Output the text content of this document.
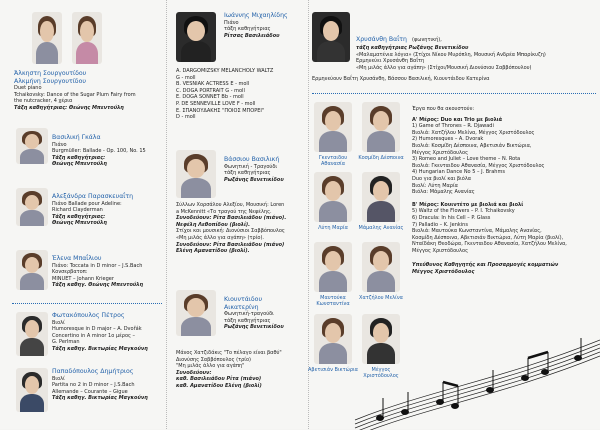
Άλκηστη Σουργουτίδου
Αλκμήνη Σουργουτίδου
Duet piano
Tchaikovsky: Dance of the Sugar Plum Fairy from
the nutcracker, 4 χέρια
Τάξη καθηγήτριας: Θεώνης Μπεντούλη
Βασιλική Γκάλα
Πιάνο
Burgmüller: Ballade - Op. 100, No. 15
Τάξη καθηγήτριας:
Θεώνης Μπεντούλη
Αλεξάνδρα Παρασκευαΐτη
Πιάνο Ballade pour Adeline:
Richard Clayderman
Τάξη καθηγήτριας:
Θεώνης Μπεντούλη
Έλενα Μπαΐλιου
Πιάνο: Toccata in D minor – J.S.Bach
Κονσερβατοπ:
MINUET – Johann Krieger
Τάξη καθηγ. Θεώνης Μπεντούλη
Φωτακόπουλος Πέτρος
Βιολί
Humoresque in D major – A. Dvořák
Concertino in A minor 1ο μέρος –
G. Perlman
Τάξη καθηγ. Βικτωρίας Μαγκούνη
Παπαδόπουλος Δημήτριος
Βιολί
Partita no 2 in D minor – J.S.Bach
Allemande – Courante – Gigue
Τάξη καθηγ. Βικτωρίας Μαγκούνη
Ιωάννης Μιχαηλίδης
Πιάνο
τάξη καθηγήτριας
Ρίτσας Βασιλειάδου
A. DARGOMIZSKY MELANCHOLY WALTZ
G - moll
B. VESNIAK ACTRESS E - moll
C. DOGA PORTRAIT G - moll
E. DOGA SONNET Bb - moll
P. DE SENNEVILLE LOVE F - moll
E. ΣΠΑΝΟΥΔΑΚΗΣ "ΠΟΙΟΣ ΜΠΟΡΕΙ"
D - moll
Βάσσιου Βασιλική
Φωνητική - Τραγούδι
τάξη καθηγήτριας
Ρωξάνης Βενετικίδου
Σύλλων Χορσάλου Αλεξίου, Μουσική: Loren
a McKennitt «Το τραγού της Νεφέλης.
Συνοδεύουν: Ρίτα Βασιλειάδου (πιάνο).
Νεφέλη Λεθοπίδου (βιολί).
Στίχοι και μουσική: Διονύσιοι Σαββόπουλος
«Μη μιλάς άλλο για αγάπη» (τρίο).
Συνοδεύουν: Ρίτα Βασιλειάδου (πιάνο)
Ελένη Αμανατίδου (βιολί).
Κιουντάιδου
Αικατερίνη
Φωνητική-τραγούδι
τάξη καθηγήτριας
Ρωξάνης Βενετικίδου
Μάνος Χατζιδάκις "Το πέλαγο είναι βαθύ"
Διονύσης Σαββόπουλος (τρίο)
"Μη μιλάς άλλο για αγάπη"
Συνοδεύουν:
καθ. Βασιλειάδου Ρίτα (πιάνο)
καθ. Αμανατίδου Ελένη (βιολί)
Χρυσάνθη Βαΐτη (φωνητική),
τάξη καθηγήτριας Ρωξάνης Βενετικίδου
«Μαλαματένια λόγια» (Στίχοι Νίκου Μυρόπλη, Μουσική Ανδρέα Μπαρίκυζη)
Ερμηνεύει Χρυσάνθη Βαΐτη
«Μη μιλάς άλλο για αγάπη» (Στίχοι/Μουσική Διονύσιου Σαββόπουλου)
Ερμηνεύουν Βαΐτη Χρυσάνθη, Βάσσου Βασιλική, Κιουντάιδου Κατερίνα
Γκενταιδου Αθανασία
Κοσμίδη Δέσποινα
Λύτη Μαρία	Μάμαλης Ανανίας
Μαυτούκα Κωνσταντίνα
Χατζήλου Μελίνα
Αβετισιάν Βικτώρια	Μέγγος Χριστόδουλος
Έργα που θα ακουστούν:
Α' Μέρος: Duo και Trio με βιολιά
1) Game of Thrones – R. Djawadi
Βιολιά: Χατζήλου Μελίνα, Μέγγος Χριστόδουλος
2) Humoresques – A. Dvorak
Βιολιά: Κοσμίδη Δέσποινα, Αβετισιάν Βικτώρια,
Μέγγος Χριστόδουλος
3) Romeo and Juliet – Love theme – N. Rota
Βιολιά: Γκενταιδου Αθανασία, Μέγγος Χριστόδουλος
4) Hungarian Dance No 5 – J. Brahms
Duo για βιολί και βιόλα
Βιολί: Λύτη Μαρία
Βιόλα: Μάμαλης Ανανίας
Β' Μέρος: Κουιντέτο με βιολιά και βιολί
5) Waltz of the Flowers – P. I. Tchaikovsky
6) Dracula: In his Cell – P. Glass
7) Palladio – K. Jenkins
Βιολιά: Μαυτούκα Κωνσταντίνα, Μάμαλης Ανανίας,
Κοσμίδη Δέσποινα, Αβετισιάν Βικτώρια, Λύτη Μαρία (βιολί),
Νταϊδάκη Θεοδώρα, Γκενταιδου Αθανασία, Χατζήλου Μελίνα,
Μέγγος Χριστόδουλος
Υπεύθυνος Καθηγητής και Προσαρμογές κομματιών
Μέγγος Χριστόδουλος
